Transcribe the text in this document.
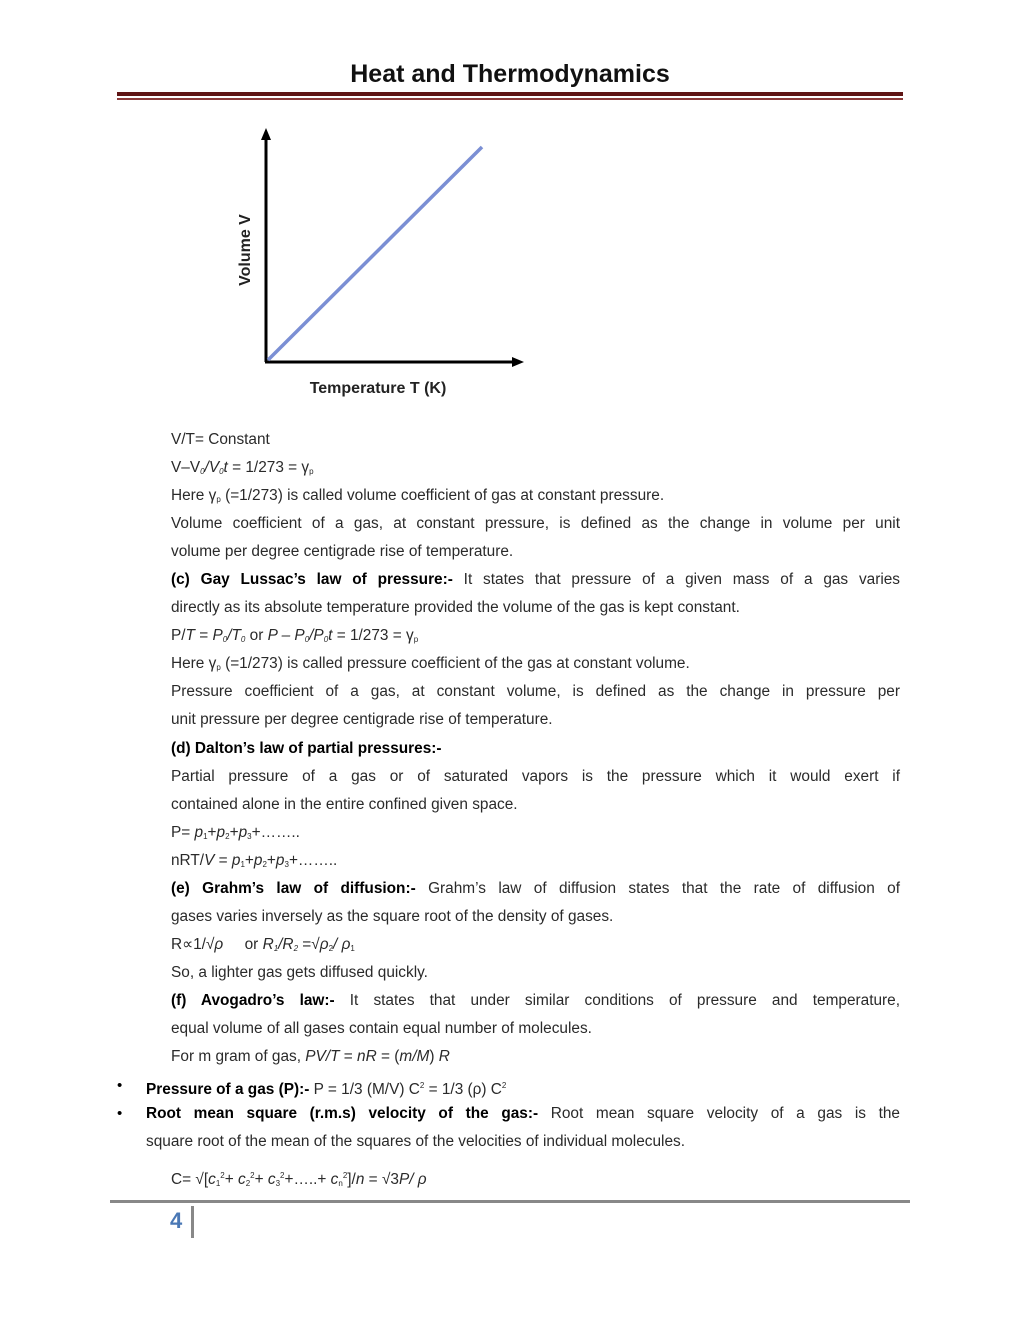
Heat and Thermodynamics
Volume V
Temperature T (K)
V/T= Constant
$V-V_0/V_0t = 1/273 = \gamma_p$
Here $\gamma_p$ (=1/273) is called volume coefficient of gas at constant pressure.
Volume coefficient of a gas, at constant pressure, is defined as the change in volume per unit
volume per degree centigrade rise of temperature.
(c) Gay Lussac’s law of pressure:- It states that pressure of a given mass of a gas varies
directly as its absolute temperature provided the volume of the gas is kept constant.
$P/T = P_0/T_0$ or $P - P_0/P_0t = 1/273 = \gamma_p$
Here $\gamma_p$ (=1/273) is called pressure coefficient of the gas at constant volume.
Pressure coefficient of a gas, at constant volume, is defined as the change in pressure per
unit pressure per degree centigrade rise of temperature.
(d) Dalton’s law of partial pressures:-
Partial pressure of a gas or of saturated vapors is the pressure which it would exert if
contained alone in the entire confined given space.
$P= p_1+p_2+p_3+\dots\dots$..
$nRT/V = p_1+p_2+p_3+\dots\dots$..
(e) Grahm’s law of diffusion:- Grahm’s law of diffusion states that the rate of diffusion of
gases varies inversely as the square root of the density of gases.
R∝1/√ρ     or $R_1/R_2 =√\rho_2/$ $\rho_1$
So, a lighter gas gets diffused quickly.
(f) Avogadro’s law:- It states that under similar conditions of pressure and temperature,
equal volume of all gases contain equal number of molecules.
For m gram of gas, PV/T = nR = (m/M) R
• Pressure of a gas (P):- P = 1/3 (M/V) $C^2 = 1/3$ (ρ) $C^2$
• Root mean square (r.m.s) velocity of the gas:- Root mean square velocity of a gas is the
square root of the mean of the squares of the velocities of individual molecules.
$C= √[c_1^2+ c_2^2+$ $c_3^2+\dots..+ c_n^2]/n = √3P/$ ρ
4
